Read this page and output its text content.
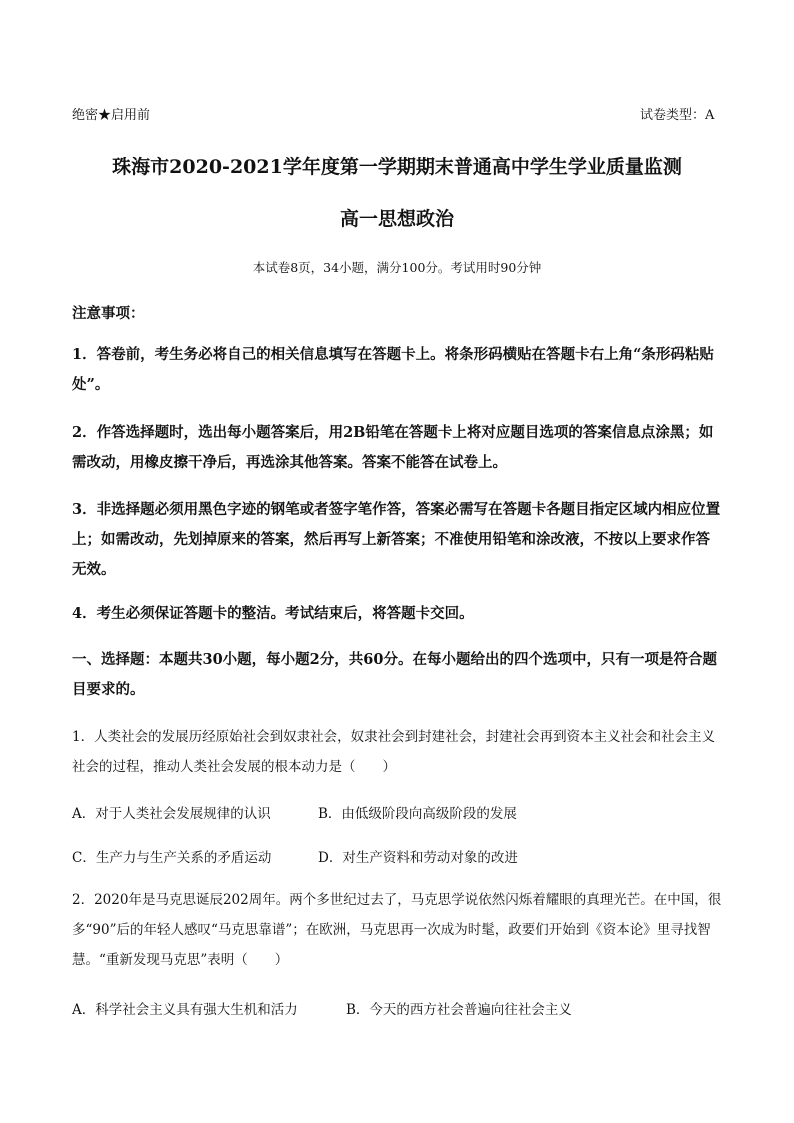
绝密★启用前	试卷类型：A
珠海市2020-2021学年度第一学期期末普通高中学生学业质量监测
高一思想政治
本试卷8页，34小题，满分100分。考试用时90分钟
注意事项：
1．答卷前，考生务必将自己的相关信息填写在答题卡上。将条形码横贴在答题卡右上角“条形码粘贴处”。
2．作答选择题时，选出每小题答案后，用2B铅笔在答题卡上将对应题目选项的答案信息点涂黑；如需改动，用橡皮擦干净后，再选涂其他答案。答案不能答在试卷上。
3．非选择题必须用黑色字迹的钢笔或者签字笔作答，答案必需写在答题卡各题目指定区域内相应位置上；如需改动，先划掉原来的答案，然后再写上新答案；不准使用铅笔和涂改液，不按以上要求作答无效。
4．考生必须保证答题卡的整洁。考试结束后，将答题卡交回。
一、选择题：本题共30小题，每小题2分，共60分。在每小题给出的四个选项中，只有一项是符合题目要求的。
1．人类社会的发展历经原始社会到奴隶社会，奴隶社会到封建社会，封建社会再到资本主义社会和社会主义社会的过程，推动人类社会发展的根本动力是（　　）
A．对于人类社会发展规律的认识	B．由低级阶段向高级阶段的发展
C．生产力与生产关系的矛盾运动	D．对生产资料和劳动对象的改进
2．2020年是马克思诞辰202周年。两个多世纪过去了，马克思学说依然闪烁着耀眼的真理光芒。在中国，很多“90”后的年轻人感叹“马克思靠谱”；在欧洲，马克思再一次成为时髦，政要们开始到《资本论》里寻找智慧。“重新发现马克思”表明（　　）
A．科学社会主义具有强大生机和活力	B．今天的西方社会普遍向往社会主义
